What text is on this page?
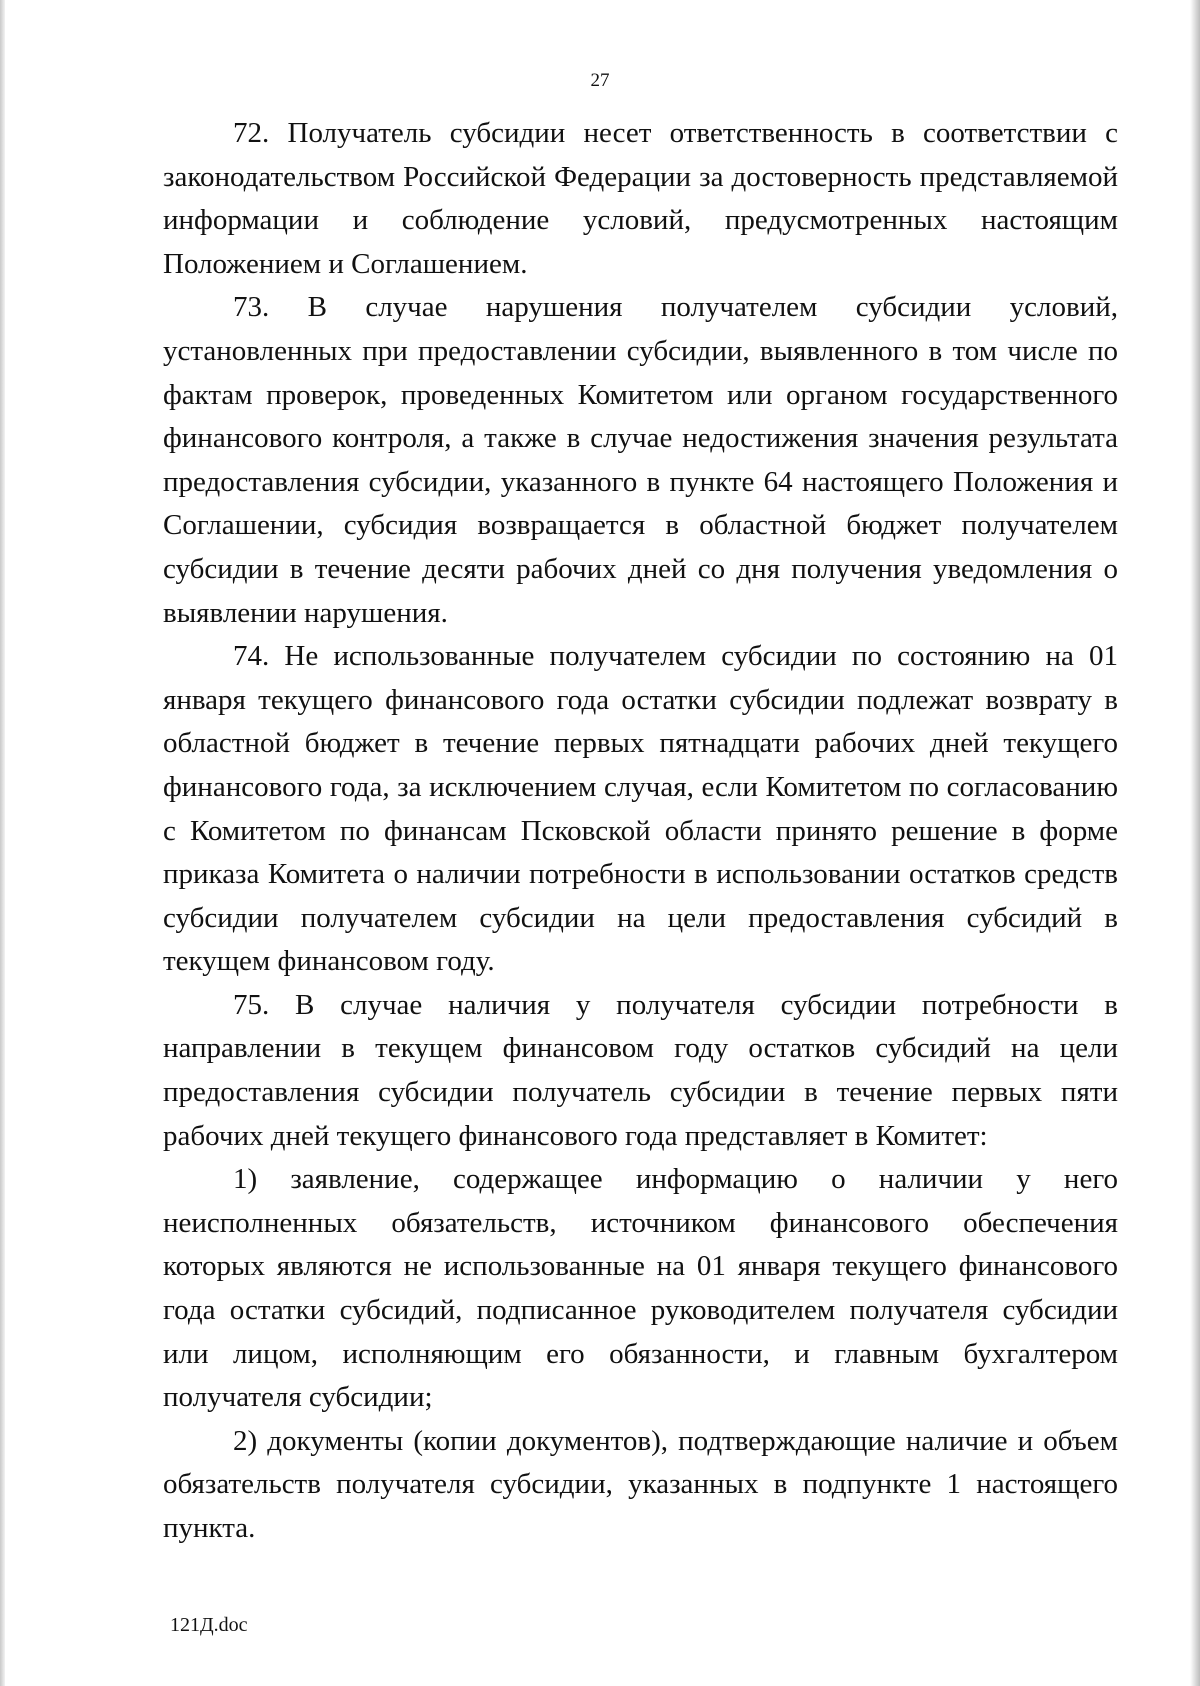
27

72. Получатель субсидии несет ответственность в соответствии с законодательством Российской Федерации за достоверность представляемой информации и соблюдение условий, предусмотренных настоящим Положением и Соглашением.

73. В случае нарушения получателем субсидии условий, установленных при предоставлении субсидии, выявленного в том числе по фактам проверок, проведенных Комитетом или органом государственного финансового контроля, а также в случае недостижения значения результата предоставления субсидии, указанного в пункте 64 настоящего Положения и Соглашении, субсидия возвращается в областной бюджет получателем субсидии в течение десяти рабочих дней со дня получения уведомления о выявлении нарушения.

74. Не использованные получателем субсидии по состоянию на 01 января текущего финансового года остатки субсидии подлежат возврату в областной бюджет в течение первых пятнадцати рабочих дней текущего финансового года, за исключением случая, если Комитетом по согласованию с Комитетом по финансам Псковской области принято решение в форме приказа Комитета о наличии потребности в использовании остатков средств субсидии получателем субсидии на цели предоставления субсидий в текущем финансовом году.

75. В случае наличия у получателя субсидии потребности в направлении в текущем финансовом году остатков субсидий на цели предоставления субсидии получатель субсидии в течение первых пяти рабочих дней текущего финансового года представляет в Комитет:

1) заявление, содержащее информацию о наличии у него неисполненных обязательств, источником финансового обеспечения которых являются не использованные на 01 января текущего финансового года остатки субсидий, подписанное руководителем получателя субсидии или лицом, исполняющим его обязанности, и главным бухгалтером получателя субсидии;

2) документы (копии документов), подтверждающие наличие и объем обязательств получателя субсидии, указанных в подпункте 1 настоящего пункта.

121Д.doc
